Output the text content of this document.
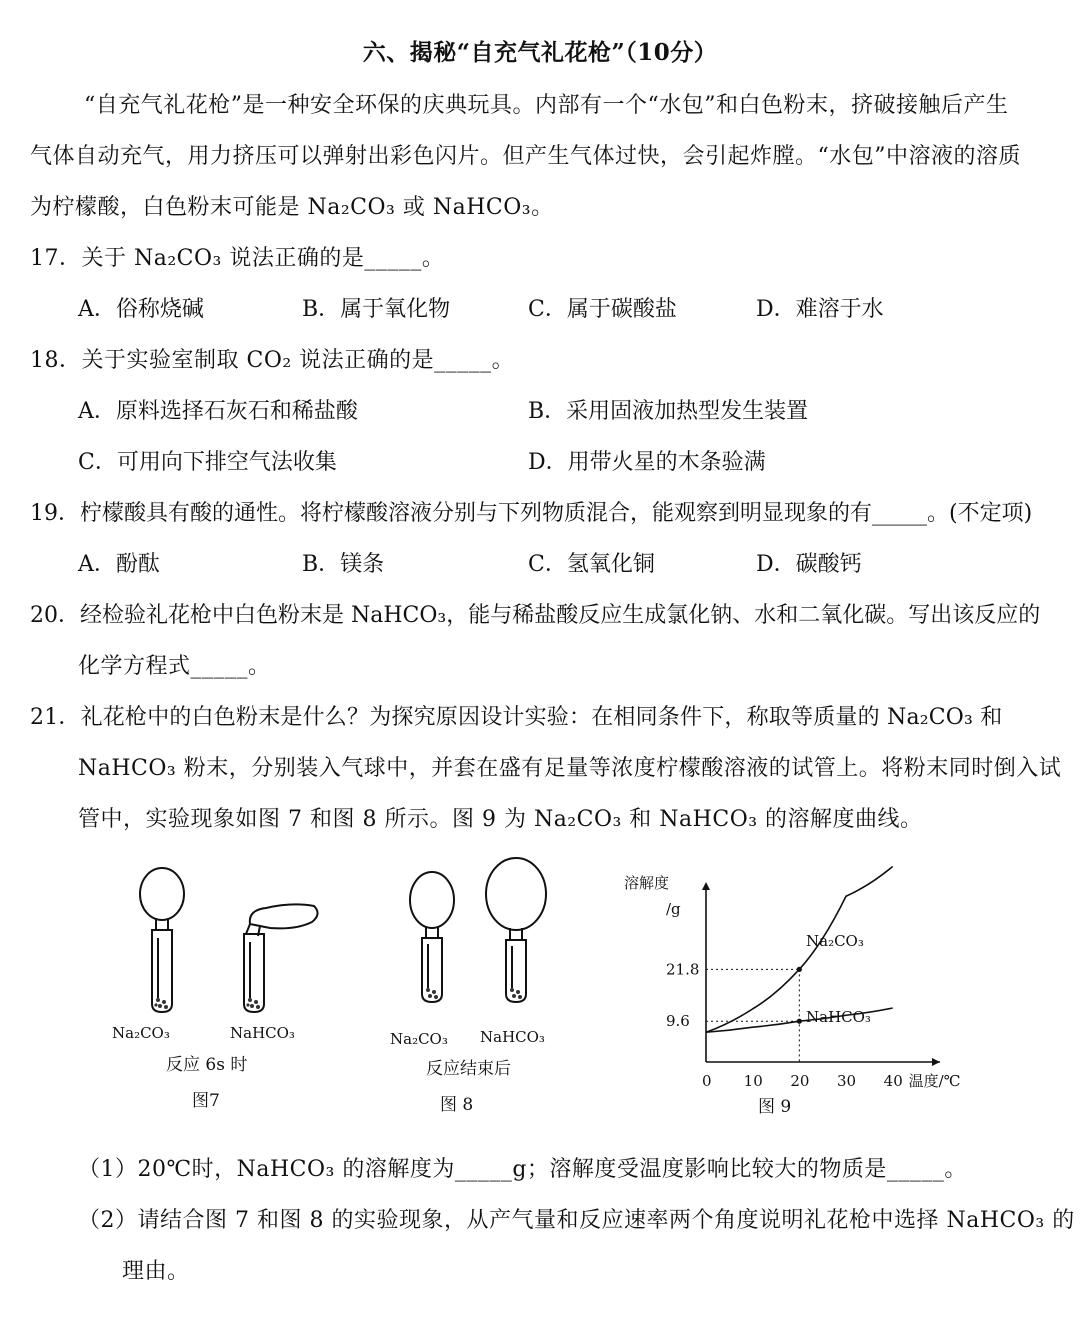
六、揭秘“自充气礼花枪”（10分）
“自充气礼花枪”是一种安全环保的庆典玩具。内部有一个“水包”和白色粉末，挤破接触后产生
气体自动充气，用力挤压可以弹射出彩色闪片。但产生气体过快，会引起炸膛。“水包”中溶液的溶质
为柠檬酸，白色粉末可能是 Na₂CO₃ 或 NaHCO₃。
17．关于 Na₂CO₃ 说法正确的是_____。
A．俗称烧碱	B．属于氧化物	C．属于碳酸盐	D．难溶于水
18．关于实验室制取 CO₂ 说法正确的是_____。
A．原料选择石灰石和稀盐酸	B．采用固液加热型发生装置
C．可用向下排空气法收集	D．用带火星的木条验满
19．柠檬酸具有酸的通性。将柠檬酸溶液分别与下列物质混合，能观察到明显现象的有_____。(不定项)
A．酚酞	B．镁条	C．氢氧化铜	D．碳酸钙
20．经检验礼花枪中白色粉末是 NaHCO₃，能与稀盐酸反应生成氯化钠、水和二氧化碳。写出该反应的
化学方程式_____。
21．礼花枪中的白色粉末是什么？为探究原因设计实验：在相同条件下，称取等质量的 Na₂CO₃ 和
NaHCO₃ 粉末，分别装入气球中，并套在盛有足量等浓度柠檬酸溶液的试管上。将粉末同时倒入试
管中，实验现象如图 7 和图 8 所示。图 9 为 Na₂CO₃ 和 NaHCO₃ 的溶解度曲线。
Na₂CO₃	NaHCO₃
反应 6s 时
图7
Na₂CO₃ NaHCO₃
反应结束后
图 8
溶解度
/g
温度/℃
0 10 20 30 40
21.8
9.6
Na₂CO₃
NaHCO₃
图 9
（1）20℃时，NaHCO₃ 的溶解度为_____g；溶解度受温度影响比较大的物质是_____。
（2）请结合图 7 和图 8 的实验现象，从产气量和反应速率两个角度说明礼花枪中选择 NaHCO₃ 的
理由。
